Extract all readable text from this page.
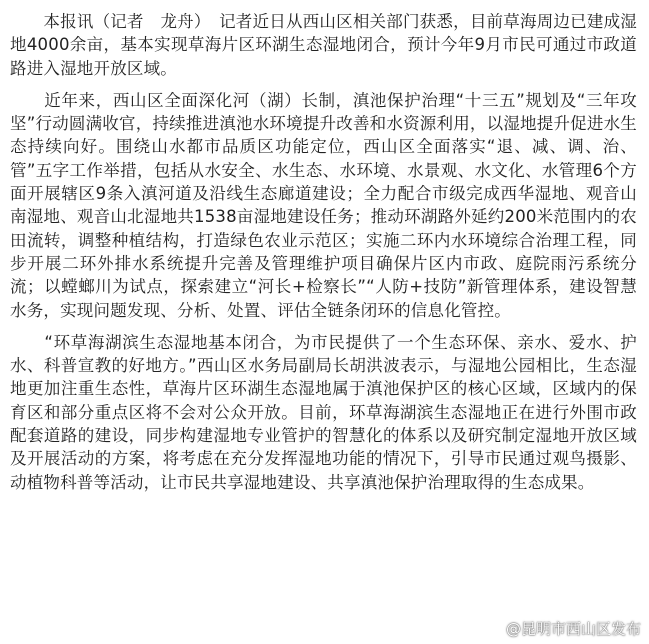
　　本报讯（记者　龙舟）　记者近日从西山区相关部门获悉，目前草海周边已建成湿地4000余亩，基本实现草海片区环湖生态湿地闭合，预计今年9月市民可通过市政道路进入湿地开放区域。

　　近年来，西山区全面深化河（湖）长制，滇池保护治理“十三五”规划及“三年攻坚”行动圆满收官，持续推进滇池水环境提升改善和水资源利用，以湿地提升促进水生态持续向好。围绕山水都市品质区功能定位，西山区全面落实“退、减、调、治、管”五字工作举措，包括从水安全、水生态、水环境、水景观、水文化、水管理6个方面开展辖区9条入滇河道及沿线生态廊道建设；全力配合市级完成西华湿地、观音山南湿地、观音山北湿地共1538亩湿地建设任务；推动环湖路外延约200米范围内的农田流转，调整种植结构，打造绿色农业示范区；实施二环内水环境综合治理工程，同步开展二环外排水系统提升完善及管理维护项目确保片区内市政、庭院雨污系统分流；以螳螂川为试点，探索建立“河长+检察长”“人防+技防”新管理体系，建设智慧水务，实现问题发现、分析、处置、评估全链条闭环的信息化管控。

　　“环草海湖滨生态湿地基本闭合，为市民提供了一个生态环保、亲水、爱水、护水、科普宣教的好地方。”西山区水务局副局长胡洪波表示，与湿地公园相比，生态湿地更加注重生态性，草海片区环湖生态湿地属于滇池保护区的核心区域，区域内的保育区和部分重点区将不会对公众开放。目前，环草海湖滨生态湿地正在进行外围市政配套道路的建设，同步构建湿地专业管护的智慧化的体系以及研究制定湿地开放区域及开展活动的方案，将考虑在充分发挥湿地功能的情况下，引导市民通过观鸟摄影、动植物科普等活动，让市民共享湿地建设、共享滇池保护治理取得的生态成果。

@昆明市西山区发布
